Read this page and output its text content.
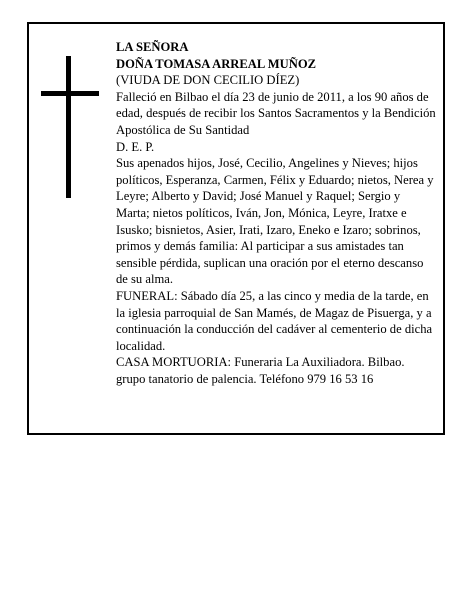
LA SEÑORA
DOÑA TOMASA ARREAL MUÑOZ
(VIUDA DE DON CECILIO DÍEZ)
Falleció en Bilbao el día 23 de junio de 2011, a los 90 años de edad, después de recibir los Santos Sacramentos y la Bendición Apostólica de Su Santidad
D. E. P.
Sus apenados hijos, José, Cecilio, Angelines y Nieves; hijos políticos, Esperanza, Carmen, Félix y Eduardo; nietos, Nerea y Leyre; Alberto y David; José Manuel y Raquel; Sergio y Marta; nietos políticos, Iván, Jon, Mónica, Leyre, Iratxe e Isusko; bisnietos, Asier, Irati, Izaro, Eneko e Izaro; sobrinos, primos y demás familia: Al participar a sus amistades tan sensible pérdida, suplican una oración por el eterno descanso de su alma.
FUNERAL: Sábado día 25, a las cinco y media de la tarde, en la iglesia parroquial de San Mamés, de Magaz de Pisuerga, y a continuación la conducción del cadáver al cementerio de dicha localidad.
CASA MORTUORIA: Funeraria La Auxiliadora. Bilbao.
grupo tanatorio de palencia. Teléfono 979 16 53 16
